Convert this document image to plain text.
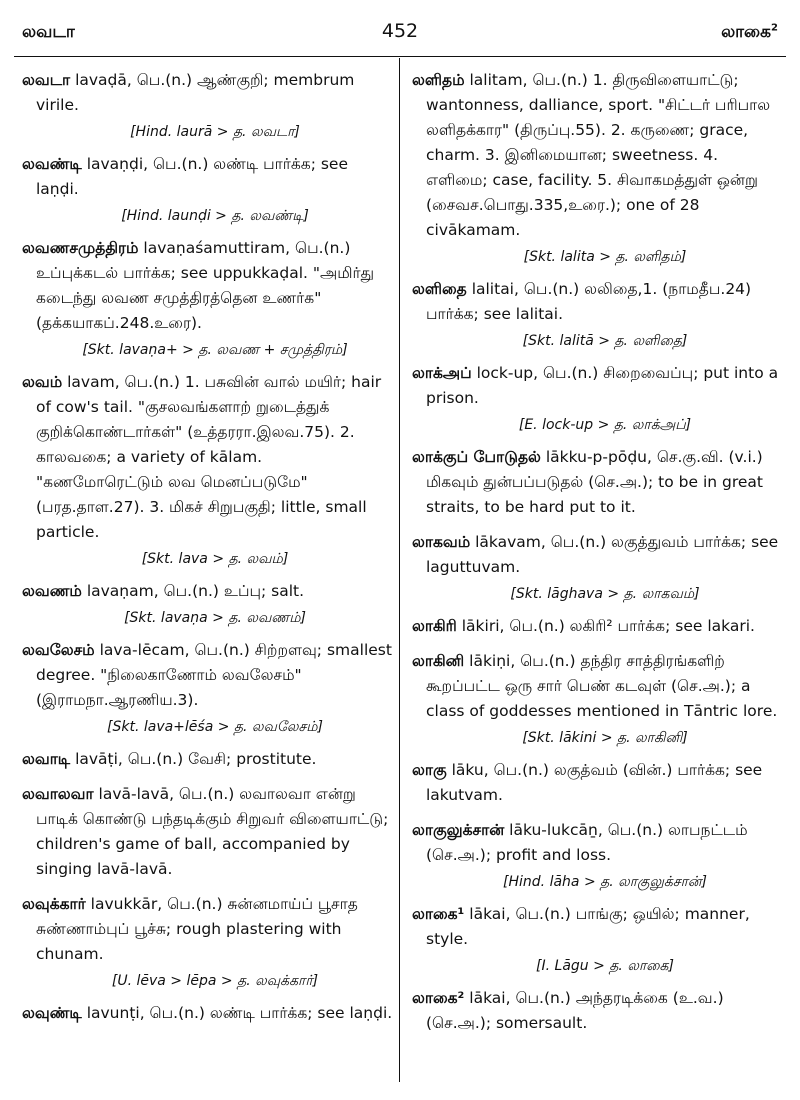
லவடா	452	லாகை$^2$
லவடா lavaḍā, பெ.(n.) ஆண்குறி; membrum virile.
[Hind. laurā > த. லவடா]
லவண்டி lavaṇḍi, பெ.(n.) லண்டி பார்க்க; see laṇḍi.
[Hind. launḍi > த. லவண்டி]
லவணசமுத்திரம் lavaṇaśamuttiram, பெ.(n.) உப்புக்கடல் பார்க்க; see uppukkaḍal. "அமிர்து கடைந்து லவண சமுத்திரத்தென உணர்க" (தக்கயாகப்.248.உரை).
[Skt. lavaṇa+ > த. லவண + சமுத்திரம்]
லவம் lavam, பெ.(n.) 1. பசுவின் வால் மயிர்; hair of cow's tail. "குசலவங்களாற் றுடைத்துக் குறிக்கொண்டார்கள்" (உத்தரரா.இலவ.75). 2. காலவகை; a variety of kālam. "கணமோரெட்டும் லவ மெனப்படுமே" (பரத.தாள.27). 3. மிகச் சிறுபகுதி; little, small particle.
[Skt. lava > த. லவம்]
லவணம் lavaṇam, பெ.(n.) உப்பு; salt.
[Skt. lavaṇa > த. லவணம்]
லவலேசம் lava-lēcam, பெ.(n.) சிற்றளவு; smallest degree. "நிலைகாணோம் லவலேசம்" (இராமநா.ஆரணிய.3).
[Skt. lava+lēśa > த. லவலேசம்]
லவாடி lavāṭi, பெ.(n.) வேசி; prostitute.
லவாலவா lavā-lavā, பெ.(n.) லவாலவா என்று பாடிக் கொண்டு பந்தடிக்கும் சிறுவர் விளையாட்டு; children's game of ball, accompanied by singing lavā-lavā.
லவுக்கார் lavukkār, பெ.(n.) சுன்னமாய்ப் பூசாத சுண்ணாம்புப் பூச்சு; rough plastering with chunam.
[U. lēva > lēpa > த. லவுக்கார்]
லவுண்டி lavunṭi, பெ.(n.) லண்டி பார்க்க; see laṇḍi.
லளிதம் lalitam, பெ.(n.) 1. திருவிளையாட்டு; wantonness, dalliance, sport. "சிட்டர் பரிபால லளிதக்கார" (திருப்பு.55). 2. கருணை; grace, charm. 3. இனிமையான; sweetness. 4. எளிமை; case, facility. 5. சிவாகமத்துள் ஒன்று (சைவச.பொது.335,உரை.); one of 28 civākamam.
[Skt. lalita > த. லளிதம்]
லளிதை lalitai, பெ.(n.) லலிதை,1. (நாமதீப.24) பார்க்க; see lalitai.
[Skt. lalitā > த. லளிதை]
லாக்அப் lock-up, பெ.(n.) சிறைவைப்பு; put into a prison.
[E. lock-up > த. லாக்அப்]
லாக்குப் போடுதல் lākku-p-pōḍu, செ.கு.வி. (v.i.) மிகவும் துன்பப்படுதல் (செ.அ.); to be in great straits, to be hard put to it.
லாகவம் lākavam, பெ.(n.) லகுத்துவம் பார்க்க; see laguttuvam.
[Skt. lāghava > த. லாகவம்]
லாகிரி lākiri, பெ.(n.) லகிரி² பார்க்க; see lakari.
லாகினி lākiṇi, பெ.(n.) தந்திர சாத்திரங்களிற் கூறப்பட்ட ஒரு சார் பெண் கடவுள் (செ.அ.); a class of goddesses mentioned in Tāntric lore.
[Skt. lākini > த. லாகினி]
லாகு lāku, பெ.(n.) லகுத்வம் (வின்.) பார்க்க; see lakutvam.
லாகுலுக்சான் lāku-lukcāṉ, பெ.(n.) லாபநட்டம் (செ.அ.); profit and loss.
[Hind. lāha > த. லாகுலுக்சான்]
லாகை¹ lākai, பெ.(n.) பாங்கு; ஒயில்; manner, style.
[I. Lāgu > த. லாகை]
லாகை² lākai, பெ.(n.) அந்தரடிக்கை (உ.வ.) (செ.அ.); somersault.
